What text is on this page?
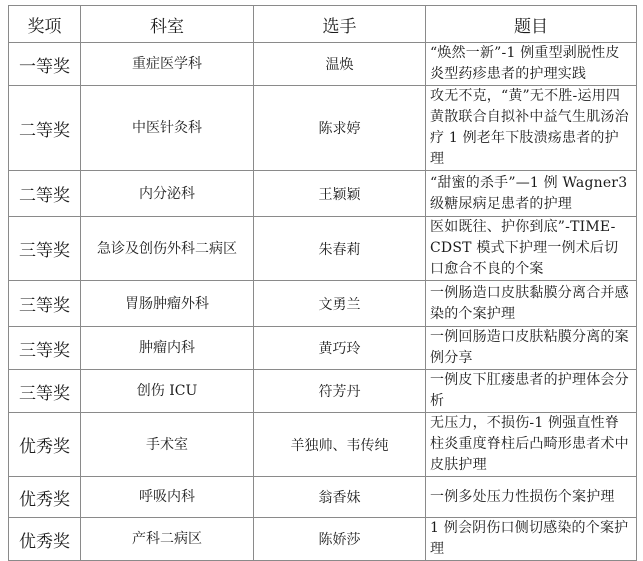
奖项	科室	选手	题目
一等奖	重症医学科	温焕	“焕然一新”-1 例重型剥脱性皮炎型药疹患者的护理实践
二等奖	中医针灸科	陈求婷	攻无不克，“黄”无不胜-运用四黄散联合自拟补中益气生肌汤治疗 1 例老年下肢溃疡患者的护理
二等奖	内分泌科	王颖颖	“甜蜜的杀手”—1 例 Wagner3 级糖尿病足患者的护理
三等奖	急诊及创伤外科二病区	朱春莉	医如既往、护你到底”-TIME-CDST 模式下护理一例术后切口愈合不良的个案
三等奖	胃肠肿瘤外科	文勇兰	一例肠造口皮肤黏膜分离合并感染的个案护理
三等奖	肿瘤内科	黄巧玲	一例回肠造口皮肤粘膜分离的案例分享
三等奖	创伤 ICU	符芳丹	一例皮下肛瘘患者的护理体会分析
优秀奖	手术室	羊独帅、韦传纯	无压力，不损伤-1 例强直性脊柱炎重度脊柱后凸畸形患者术中皮肤护理
优秀奖	呼吸内科	翁香妹	一例多处压力性损伤个案护理
优秀奖	产科二病区	陈娇莎	1 例会阴伤口侧切感染的个案护理
